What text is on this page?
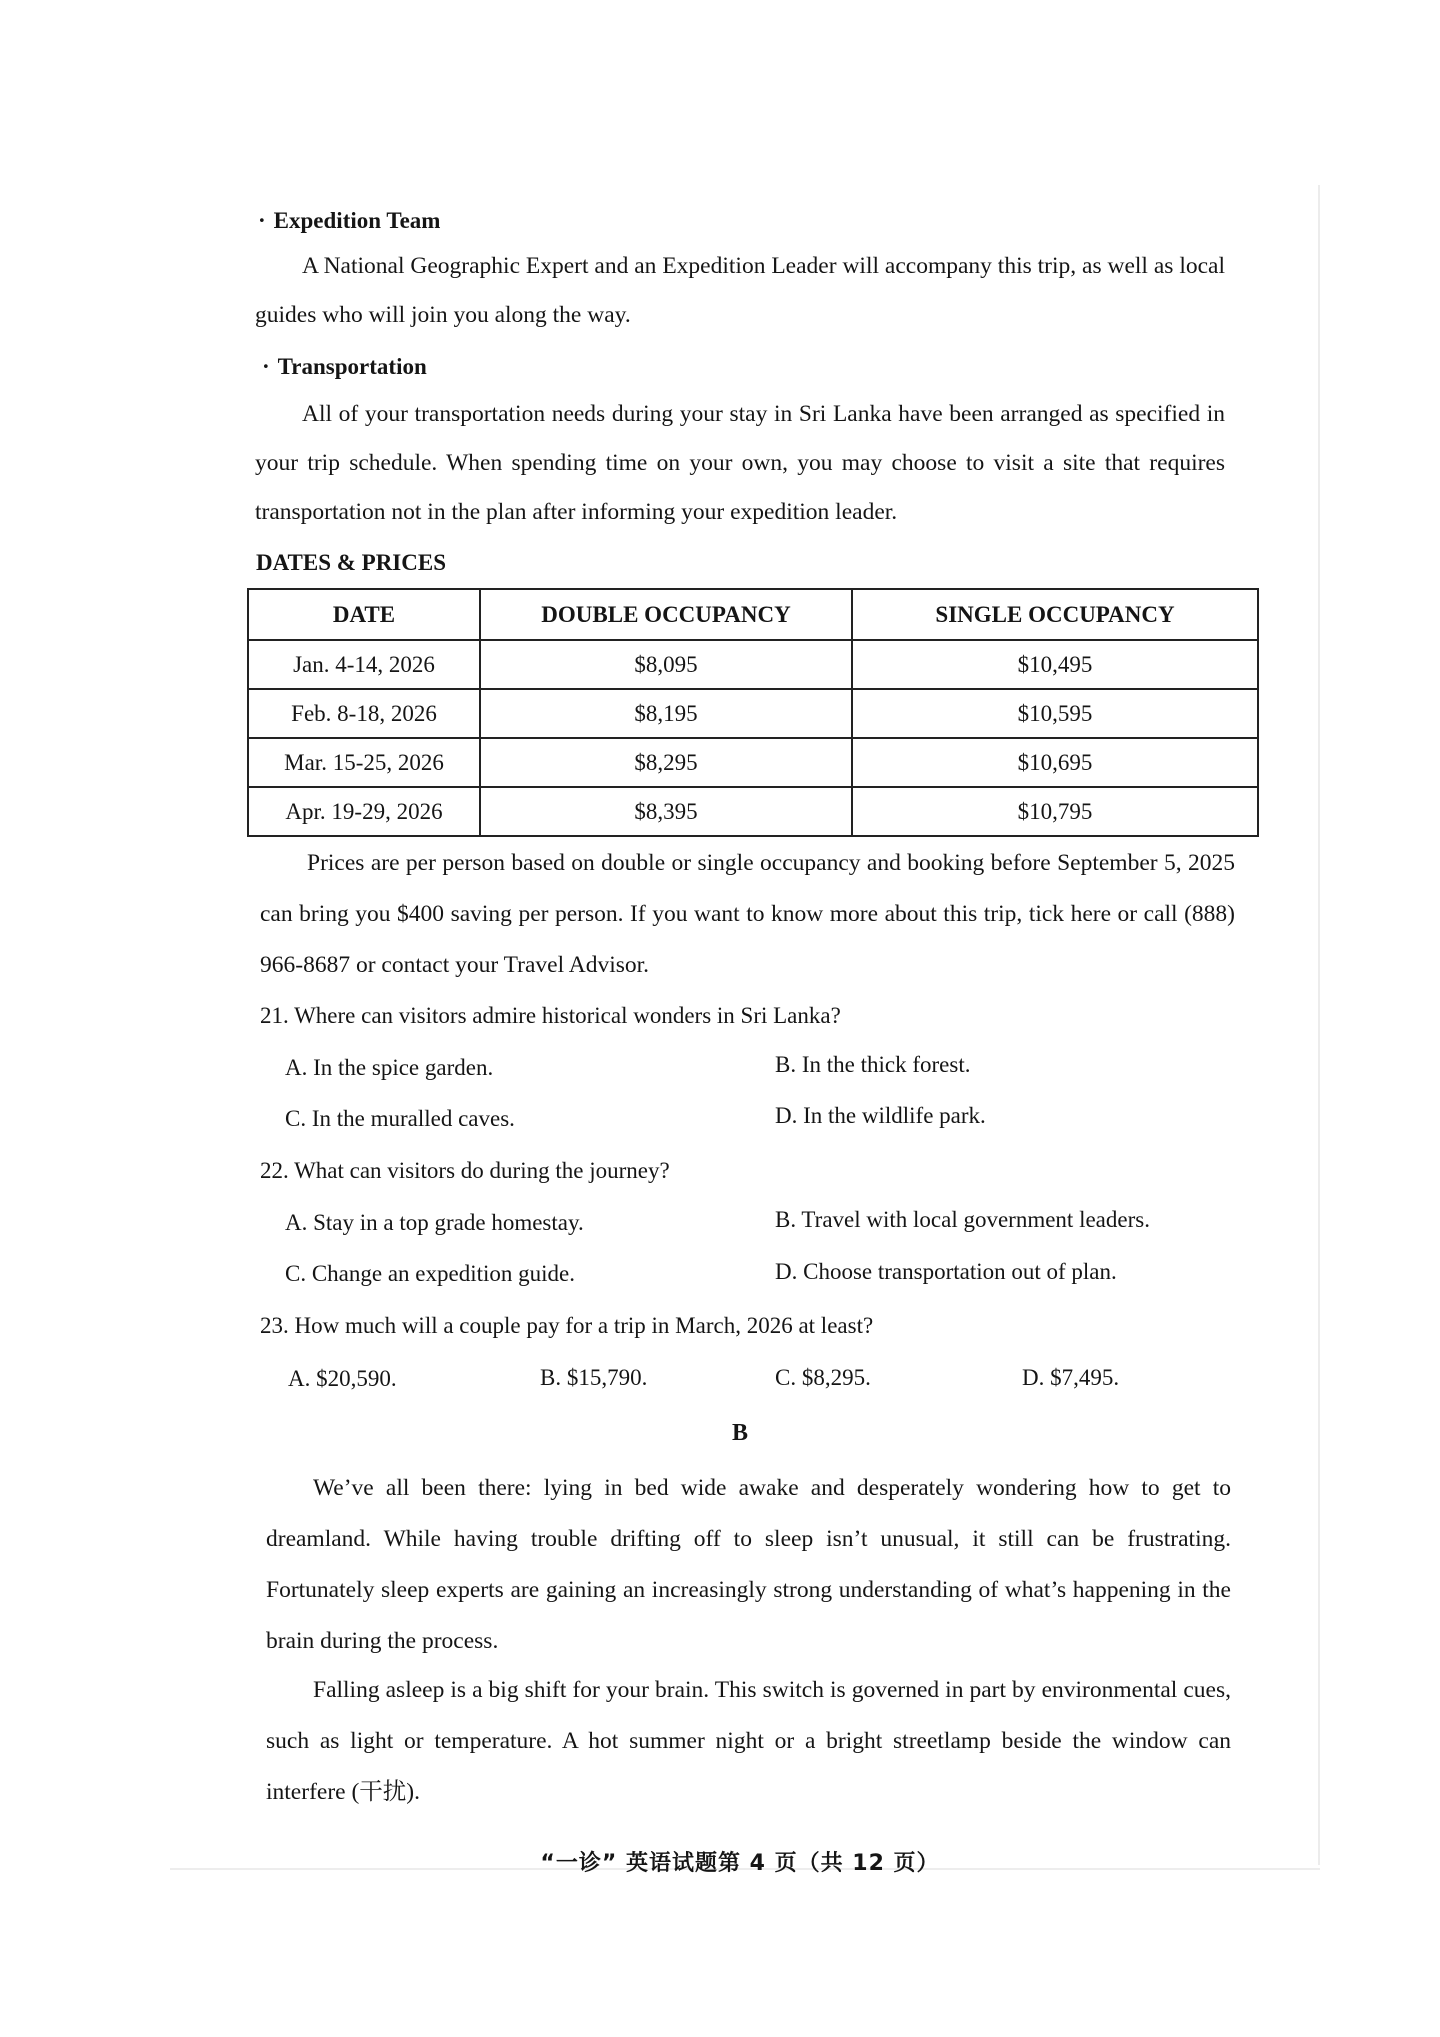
· Expedition Team

A National Geographic Expert and an Expedition Leader will accompany this trip, as well as local guides who will join you along the way.

· Transportation

All of your transportation needs during your stay in Sri Lanka have been arranged as specified in your trip schedule. When spending time on your own, you may choose to visit a site that requires transportation not in the plan after informing your expedition leader.

DATES & PRICES
DATE	DOUBLE OCCUPANCY	SINGLE OCCUPANCY
Jan. 4-14, 2026	$8,095	$10,495
Feb. 8-18, 2026	$8,195	$10,595
Mar. 15-25, 2026	$8,295	$10,695
Apr. 19-29, 2026	$8,395	$10,795

Prices are per person based on double or single occupancy and booking before September 5, 2025 can bring you $400 saving per person. If you want to know more about this trip, tick here or call (888) 966-8687 or contact your Travel Advisor.

21. Where can visitors admire historical wonders in Sri Lanka?
A. In the spice garden.	B. In the thick forest.
C. In the muralled caves.	D. In the wildlife park.
22. What can visitors do during the journey?
A. Stay in a top grade homestay.	B. Travel with local government leaders.
C. Change an expedition guide.	D. Choose transportation out of plan.
23. How much will a couple pay for a trip in March, 2026 at least?
A. $20,590.	B. $15,790.	C. $8,295.	D. $7,495.
B

We’ve all been there: lying in bed wide awake and desperately wondering how to get to dreamland. While having trouble drifting off to sleep isn’t unusual, it still can be frustrating. Fortunately sleep experts are gaining an increasingly strong understanding of what’s happening in the brain during the process.

Falling asleep is a big shift for your brain. This switch is governed in part by environmental cues, such as light or temperature. A hot summer night or a bright streetlamp beside the window can interfere (干扰).

“一诊” 英语试题第 4 页（共 12 页）
